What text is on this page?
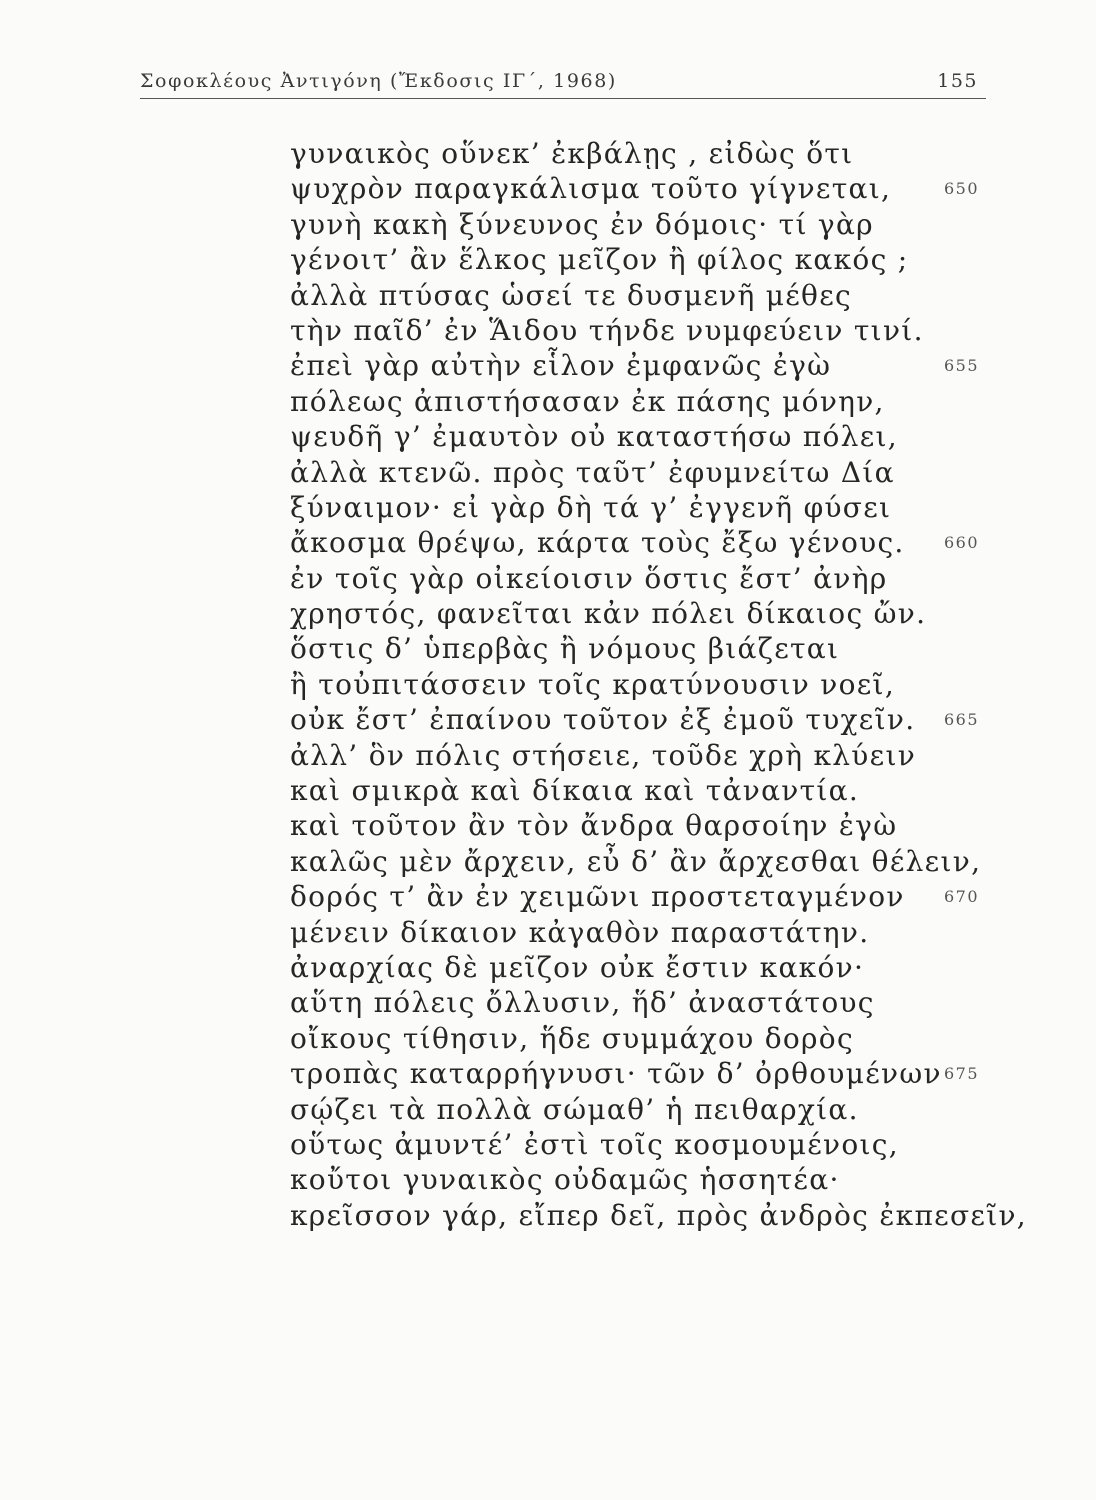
Σοφοκλέους Ἀντιγόνη (Ἔκδοσις ΙΓ΄, 1968)	155
γυναικὸς οὕνεκ’ ἐκβάλῃς , εἰδὼς ὅτι
ψυχρὸν παραγκάλισμα τοῦτο γίγνεται,	650
γυνὴ κακὴ ξύνευνος ἐν δόμοις· τί γὰρ
γένοιτ’ ἂν ἕλκος μεῖζον ἢ φίλος κακός ;
ἀλλὰ πτύσας ὡσεί τε δυσμενῆ μέθες
τὴν παῖδ’ ἐν Ἅιδου τήνδε νυμφεύειν τινί.
ἐπεὶ γὰρ αὐτὴν εἷλον ἐμφανῶς ἐγὼ	655
πόλεως ἀπιστήσασαν ἐκ πάσης μόνην,
ψευδῆ γ’ ἐμαυτὸν οὐ καταστήσω πόλει,
ἀλλὰ κτενῶ. πρὸς ταῦτ’ ἐφυμνείτω Δία
ξύναιμον· εἰ γὰρ δὴ τά γ’ ἐγγενῆ φύσει
ἄκοσμα θρέψω, κάρτα τοὺς ἔξω γένους. 660
ἐν τοῖς γὰρ οἰκείοισιν ὅστις ἔστ’ ἀνὴρ
χρηστός, φανεῖται κἀν πόλει δίκαιος ὤν.
ὅστις δ’ ὑπερβὰς ἢ νόμους βιάζεται
ἢ τοὐπιτάσσειν τοῖς κρατύνουσιν νοεῖ,
οὐκ ἔστ’ ἐπαίνου τοῦτον ἐξ ἐμοῦ τυχεῖν. 665
ἀλλ’ ὃν πόλις στήσειε, τοῦδε χρὴ κλύειν
καὶ σμικρὰ καὶ δίκαια καὶ τἀναντία.
καὶ τοῦτον ἂν τὸν ἄνδρα θαρσοίην ἐγὼ
καλῶς μὲν ἄρχειν, εὖ δ’ ἂν ἄρχεσθαι θέλειν,
δορός τ’ ἂν ἐν χειμῶνι προστεταγμένον 670
μένειν δίκαιον κἀγαθὸν παραστάτην.
ἀναρχίας δὲ μεῖζον οὐκ ἔστιν κακόν·
αὕτη πόλεις ὄλλυσιν, ἥδ’ ἀναστάτους
οἴκους τίθησιν, ἥδε συμμάχου δορὸς
τροπὰς καταρρήγνυσι· τῶν δ’ ὀρθουμένων 675
σῴζει τὰ πολλὰ σώμαθ’ ἡ πειθαρχία.
οὕτως ἀμυντέ’ ἐστὶ τοῖς κοσμουμένοις,
κοὔτοι γυναικὸς οὐδαμῶς ἡσσητέα·
κρεῖσσον γάρ, εἴπερ δεῖ, πρὸς ἀνδρὸς ἐκπεσεῖν,
